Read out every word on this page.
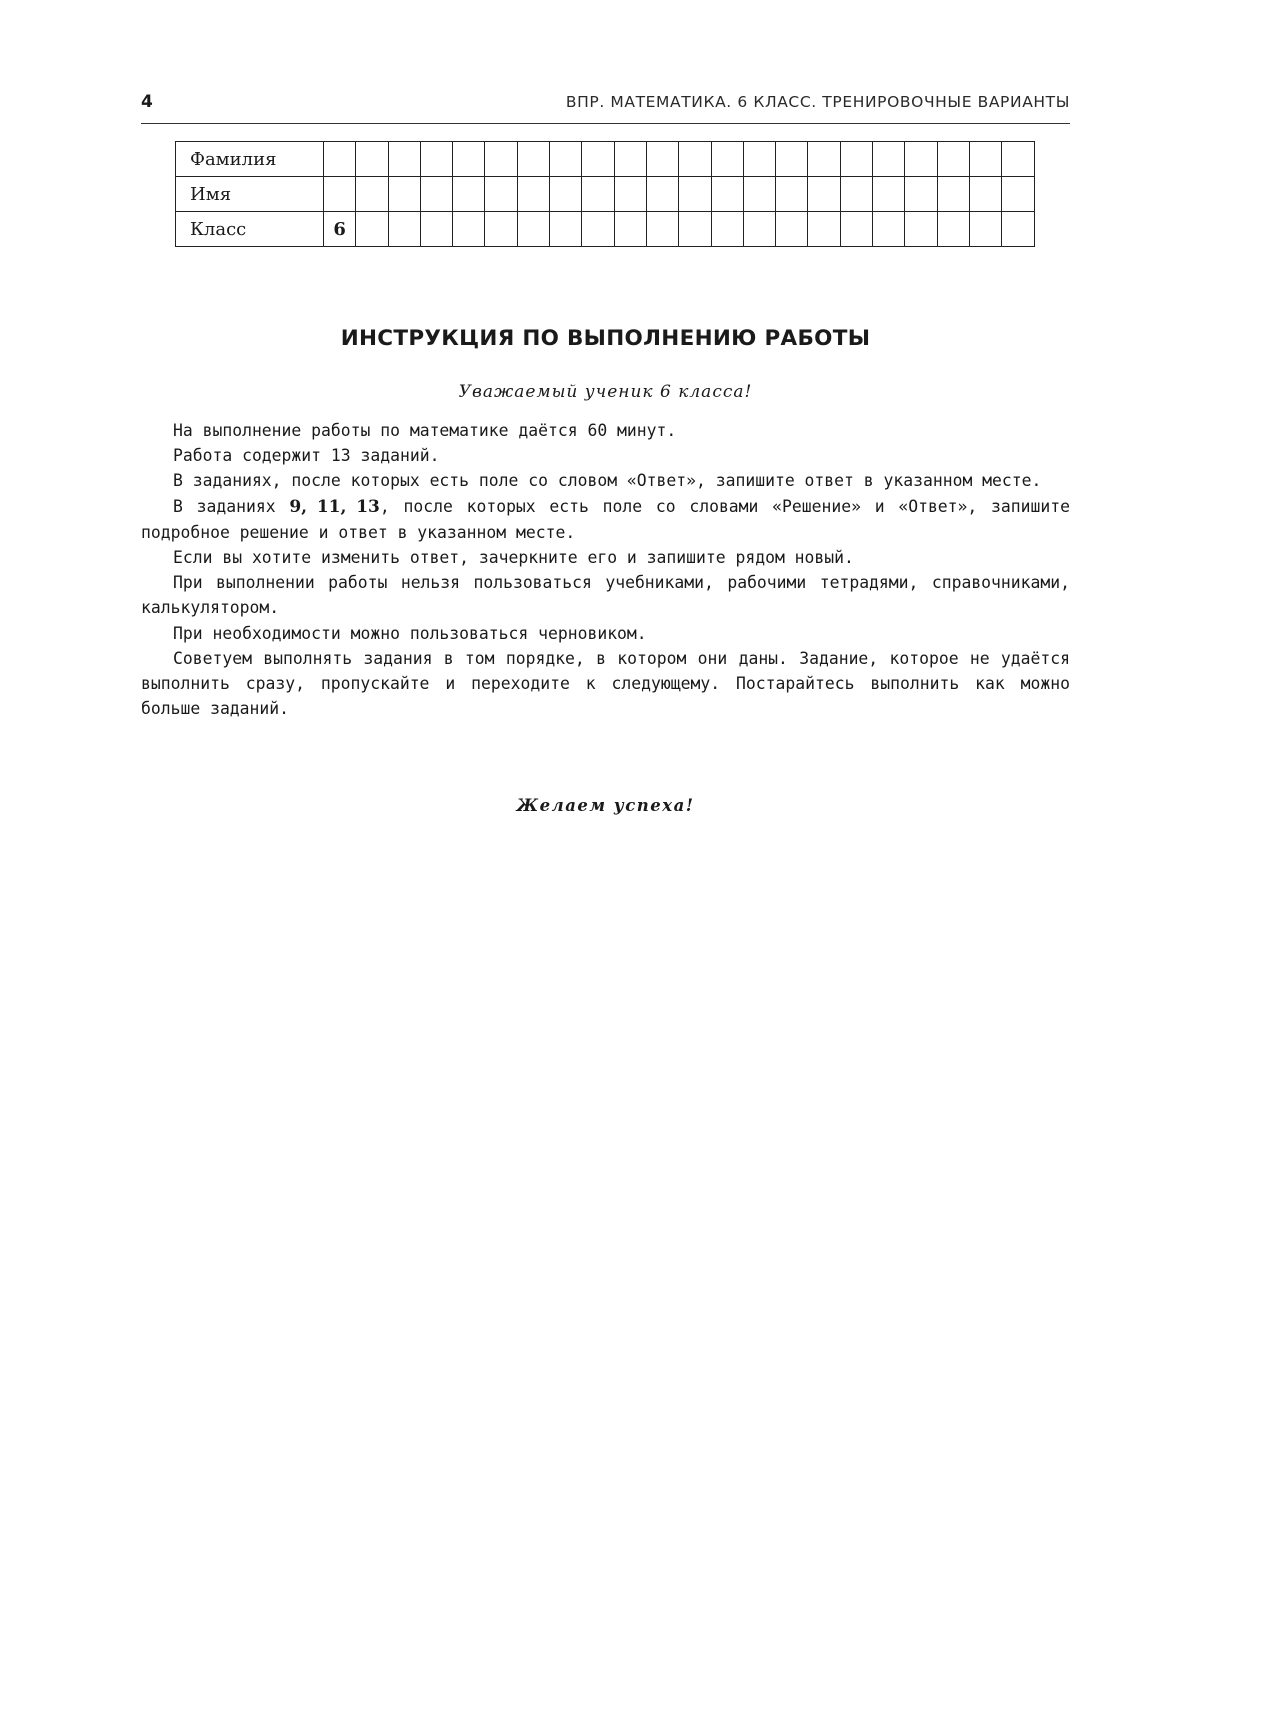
4	ВПР. МАТЕМАТИКА. 6 КЛАСС. ТРЕНИРОВОЧНЫЕ ВАРИАНТЫ
Фамилия																						
Имя																						
Класс	6																					
ИНСТРУКЦИЯ ПО ВЫПОЛНЕНИЮ РАБОТЫ
Уважаемый ученик 6 класса!

На выполнение работы по математике даётся 60 минут.

Работа содержит 13 заданий.

В заданиях, после которых есть поле со словом «Ответ», запишите ответ в указанном месте.

В заданиях 9, 11, 13, после которых есть поле со словами «Решение» и «Ответ», запишите подробное решение и ответ в указанном месте.

Если вы хотите изменить ответ, зачеркните его и запишите рядом новый.

При выполнении работы нельзя пользоваться учебниками, рабочими тетрадями, справочниками, калькулятором.

При необходимости можно пользоваться черновиком.

Советуем выполнять задания в том порядке, в котором они даны. Задание, которое не удаётся выполнить сразу, пропускайте и переходите к следующему. Постарайтесь выполнить как можно больше заданий.

Желаем успеха!
